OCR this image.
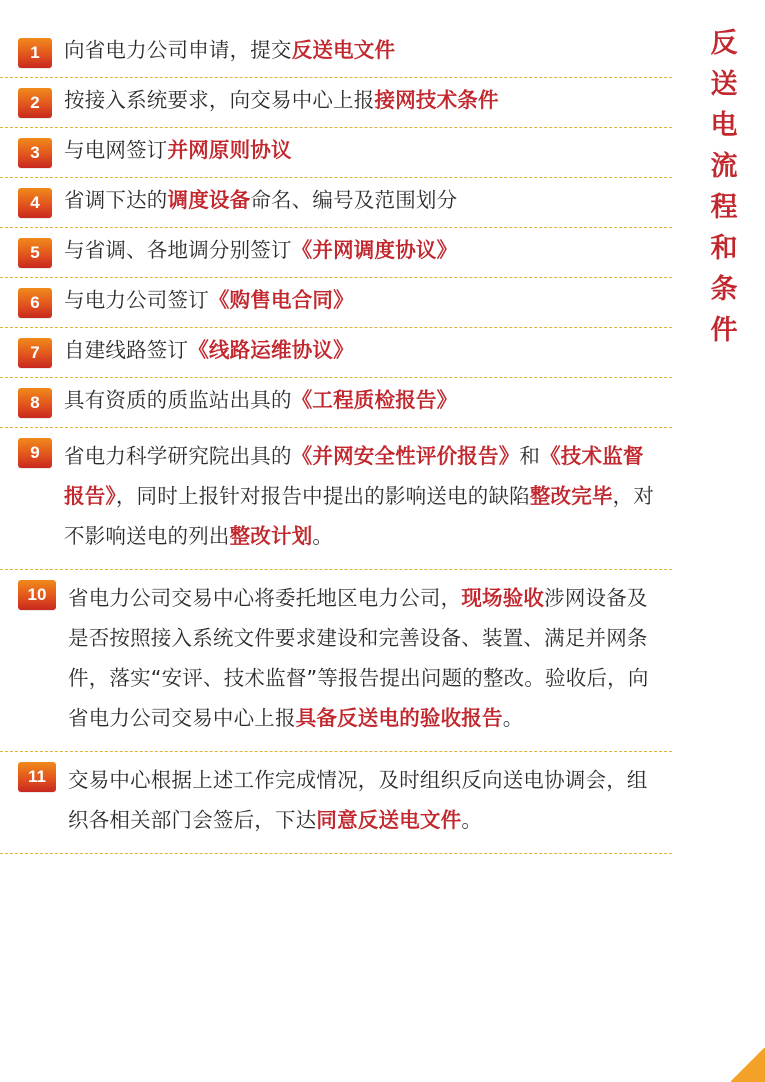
反
送
电
流
程
和
条
件
1	向省电力公司申请，提交反送电文件
2	按接入系统要求，向交易中心上报接网技术条件
3	与电网签订并网原则协议
4	省调下达的调度设备命名、编号及范围划分
5	与省调、各地调分别签订《并网调度协议》
6	与电力公司签订《购售电合同》
7	自建线路签订《线路运维协议》
8	具有资质的质监站出具的《工程质检报告》
9	省电力科学研究院出具的《并网安全性评价报告》和《技术监督报告》，同时上报针对报告中提出的影响送电的缺陷整改完毕，对不影响送电的列出整改计划。
10	省电力公司交易中心将委托地区电力公司，现场验收涉网设备及是否按照接入系统文件要求建设和完善设备、装置、满足并网条件，落实“安评、技术监督”等报告提出问题的整改。验收后，向省电力公司交易中心上报具备反送电的验收报告。
11	交易中心根据上述工作完成情况，及时组织反向送电协调会，组织各相关部门会签后，下达同意反送电文件。
